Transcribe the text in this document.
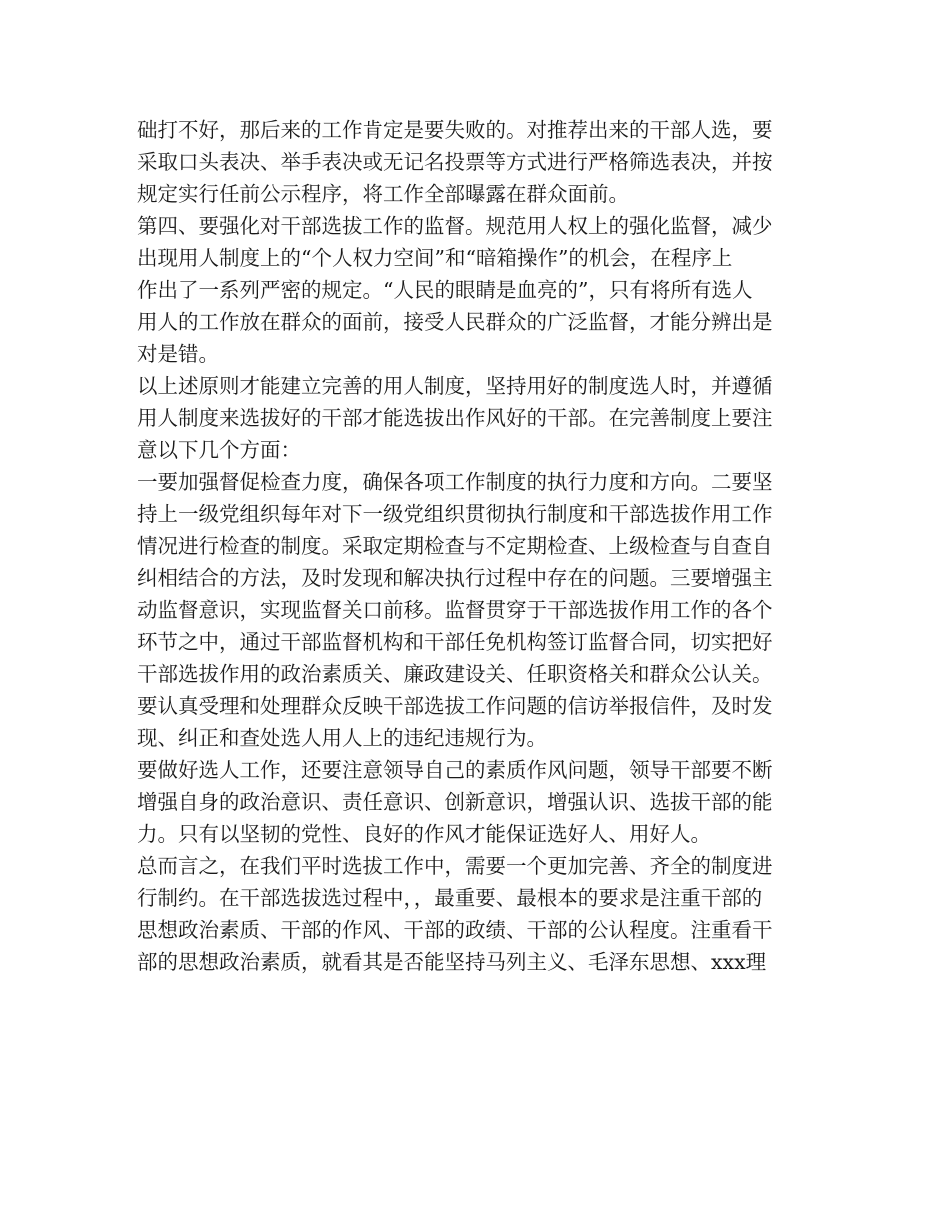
础打不好，那后来的工作肯定是要失败的。对推荐出来的干部人选，要
采取口头表决、举手表决或无记名投票等方式进行严格筛选表决，并按
规定实行任前公示程序，将工作全部曝露在群众面前。
第四、要强化对干部选拔工作的监督。规范用人权上的强化监督，减少
出现用人制度上的“个人权力空间”和“暗箱操作”的机会，在程序上
作出了一系列严密的规定。“人民的眼睛是血亮的”，只有将所有选人
用人的工作放在群众的面前，接受人民群众的广泛监督，才能分辨出是
对是错。
以上述原则才能建立完善的用人制度，坚持用好的制度选人时，并遵循
用人制度来选拔好的干部才能选拔出作风好的干部。在完善制度上要注
意以下几个方面：
一要加强督促检查力度，确保各项工作制度的执行力度和方向。二要坚
持上一级党组织每年对下一级党组织贯彻执行制度和干部选拔作用工作
情况进行检查的制度。采取定期检查与不定期检查、上级检查与自查自
纠相结合的方法，及时发现和解决执行过程中存在的问题。三要增强主
动监督意识，实现监督关口前移。监督贯穿于干部选拔作用工作的各个
环节之中，通过干部监督机构和干部任免机构签订监督合同，切实把好
干部选拔作用的政治素质关、廉政建设关、任职资格关和群众公认关。
要认真受理和处理群众反映干部选拔工作问题的信访举报信件，及时发
现、纠正和查处选人用人上的违纪违规行为。
要做好选人工作，还要注意领导自己的素质作风问题，领导干部要不断
增强自身的政治意识、责任意识、创新意识，增强认识、选拔干部的能
力。只有以坚韧的党性、良好的作风才能保证选好人、用好人。
总而言之，在我们平时选拔工作中，需要一个更加完善、齐全的制度进
行制约。在干部选拔选过程中，，最重要、最根本的要求是注重干部的
思想政治素质、干部的作风、干部的政绩、干部的公认程度。注重看干
部的思想政治素质，就看其是否能坚持马列主义、毛泽东思想、xxx理
